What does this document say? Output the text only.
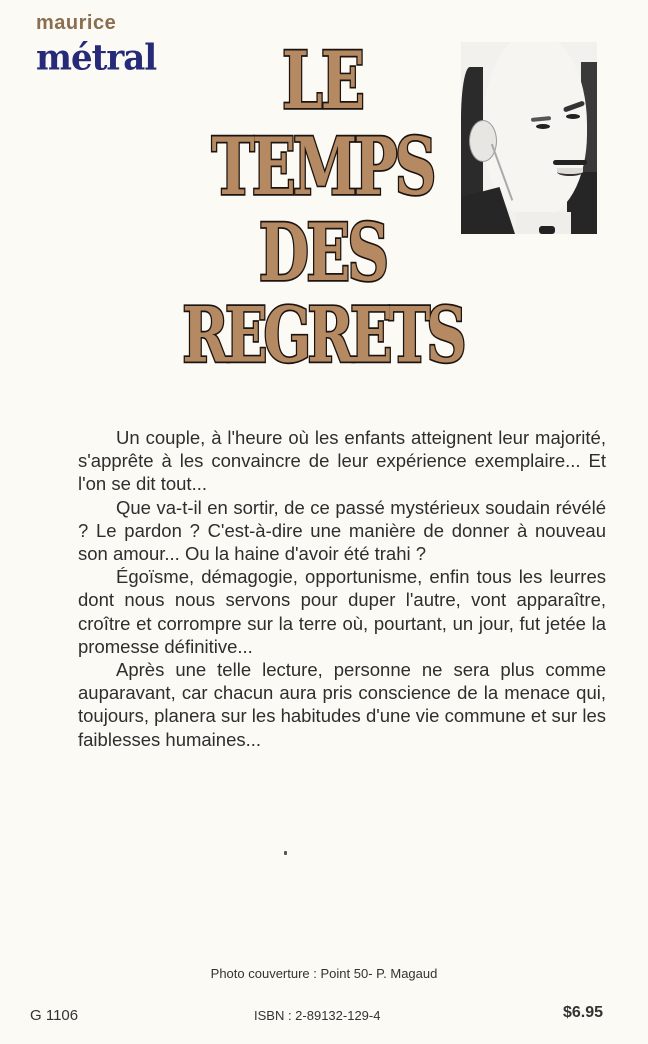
maurice
métral	LE
TEMPS
DES
REGRETS

Un couple, à l'heure où les enfants atteignent leur majorité, s'apprête à les convaincre de leur expérience exemplaire... Et l'on se dit tout...

Que va-t-il en sortir, de ce passé mystérieux soudain révélé ? Le pardon ? C'est-à-dire une manière de donner à nouveau son amour... Ou la haine d'avoir été trahi ?

Égoïsme, démagogie, opportunisme, enfin tous les leurres dont nous nous servons pour duper l'autre, vont apparaître, croître et corrompre sur la terre où, pourtant, un jour, fut jetée la promesse définitive...

Après une telle lecture, personne ne sera plus comme auparavant, car chacun aura pris conscience de la menace qui, toujours, planera sur les habitudes d'une vie commune et sur les faiblesses humaines...

Photo couverture : Point 50- P. Magaud
G 1106	ISBN : 2-89132-129-4	$6.95
